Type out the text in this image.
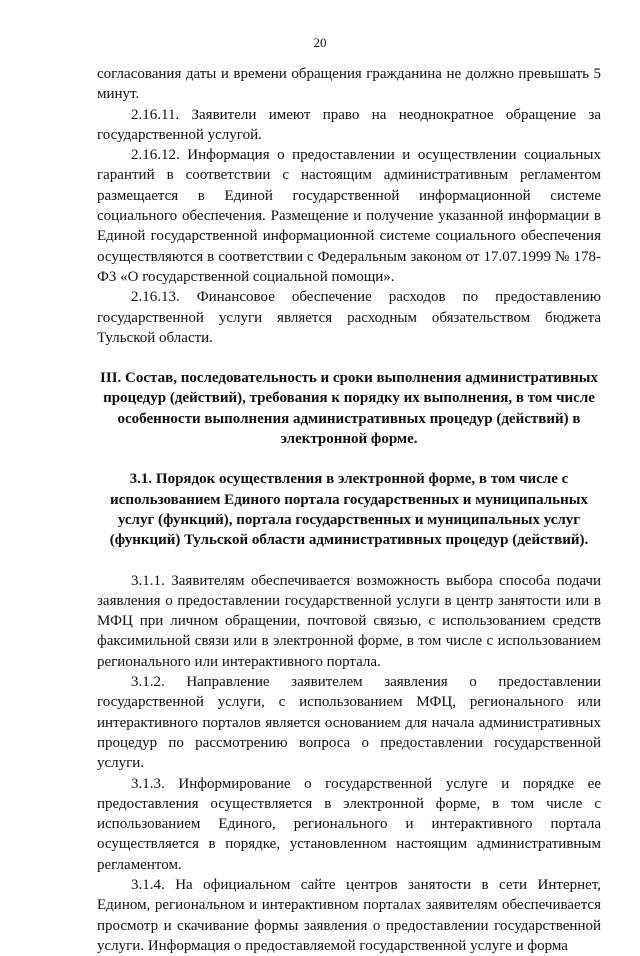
20

согласования даты и времени обращения гражданина не должно превышать 5 минут.

2.16.11. Заявители имеют право на неоднократное обращение за государственной услугой.

2.16.12. Информация о предоставлении и осуществлении социальных гарантий в соответствии с настоящим административным регламентом размещается в Единой государственной информационной системе социального обеспечения. Размещение и получение указанной информации в Единой государственной информационной системе социального обеспечения осуществляются в соответствии с Федеральным законом от 17.07.1999 № 178-ФЗ «О государственной социальной помощи».

2.16.13. Финансовое обеспечение расходов по предоставлению государственной услуги является расходным обязательством бюджета Тульской области.

III. Состав, последовательность и сроки выполнения административных процедур (действий), требования к порядку их выполнения, в том числе особенности выполнения административных процедур (действий) в электронной форме.

3.1. Порядок осуществления в электронной форме, в том числе с использованием Единого портала государственных и муниципальных услуг (функций), портала государственных и муниципальных услуг (функций) Тульской области административных процедур (действий).

3.1.1. Заявителям обеспечивается возможность выбора способа подачи заявления о предоставлении государственной услуги в центр занятости или в МФЦ при личном обращении, почтовой связью, с использованием средств факсимильной связи или в электронной форме, в том числе с использованием регионального или интерактивного портала.

3.1.2. Направление заявителем заявления о предоставлении государственной услуги, с использованием МФЦ, регионального или интерактивного порталов является основанием для начала административных процедур по рассмотрению вопроса о предоставлении государственной услуги.

3.1.3. Информирование о государственной услуге и порядке ее предоставления осуществляется в электронной форме, в том числе с использованием Единого, регионального и интерактивного портала осуществляется в порядке, установленном настоящим административным регламентом.

3.1.4. На официальном сайте центров занятости в сети Интернет, Едином, региональном и интерактивном порталах заявителям обеспечивается просмотр и скачивание формы заявления о предоставлении государственной услуги. Информация о предоставляемой государственной услуге и форма
